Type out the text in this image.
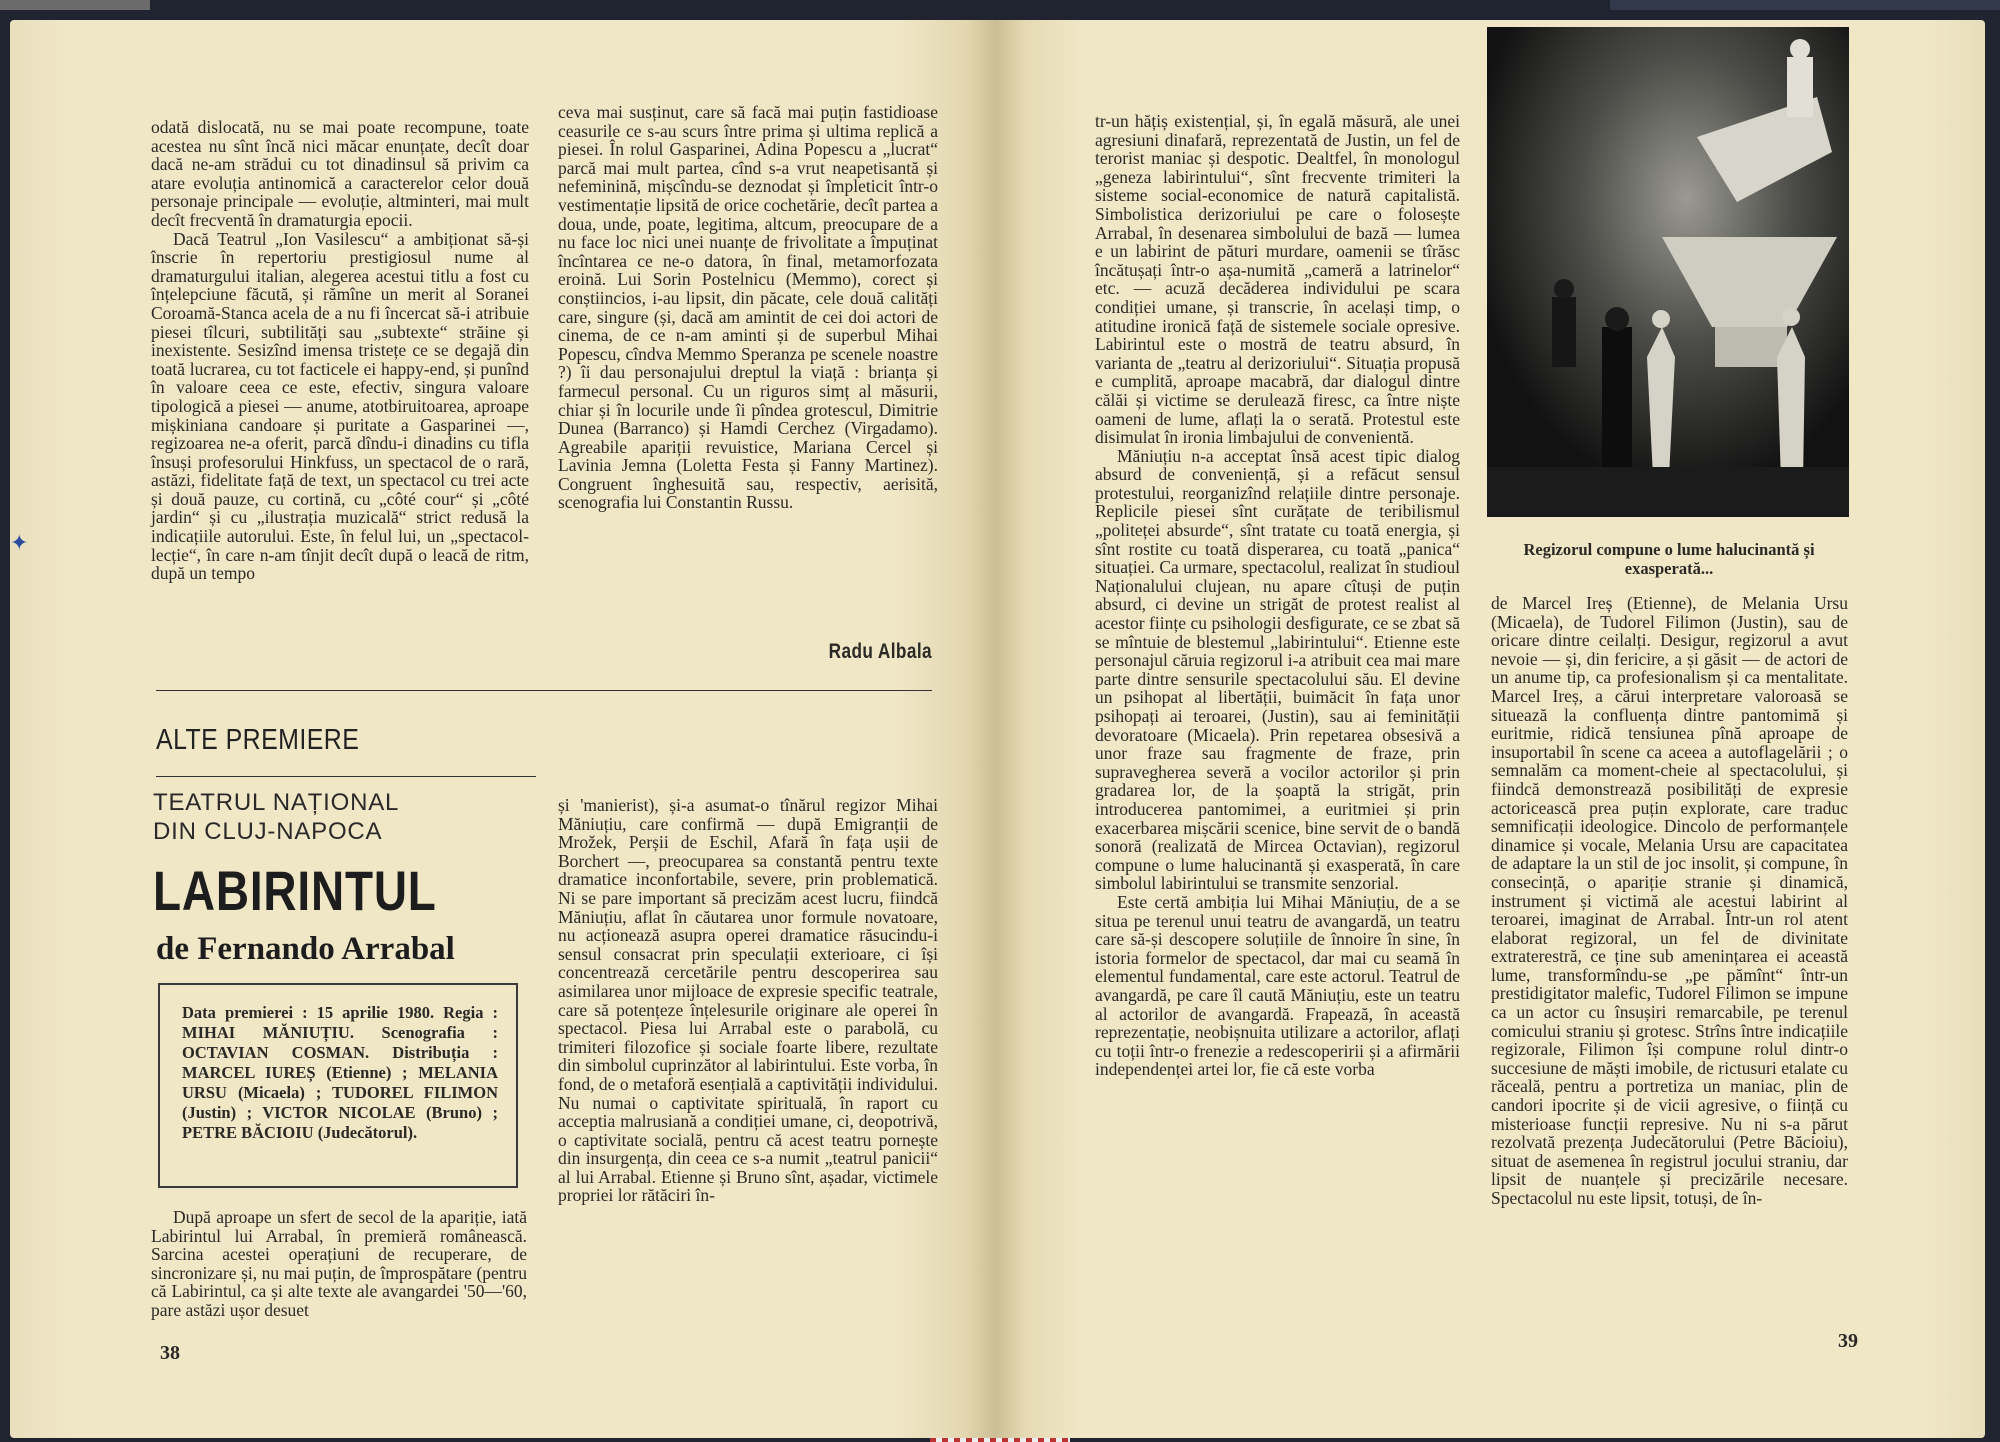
odată dislocată, nu se mai poate recompune, toate acestea nu sînt încă nici măcar enunțate, decît doar dacă ne-am strădui cu tot dinadinsul să privim ca atare evoluția antinomică a caracterelor celor două personaje principale — evoluție, altminteri, mai mult decît frecventă în dramaturgia epocii.

Dacă Teatrul „Ion Vasilescu“ a ambiționat să-și înscrie în repertoriu prestigiosul nume al dramaturgului italian, alegerea acestui titlu a fost cu înțelepciune făcută, și rămîne un merit al Soranei Coroamă-Stanca acela de a nu fi încercat să-i atribuie piesei tîlcuri, subtilități sau „subtexte“ străine și inexistente. Sesizînd imensa tristețe ce se degajă din toată lucrarea, cu tot facticele ei happy-end, și punînd în valoare ceea ce este, efectiv, singura valoare tipologică a piesei — anume, atotbiruitoarea, aproape mișkiniana candoare și puritate a Gasparinei —, regizoarea ne-a oferit, parcă dîndu-i dinadins cu tifla însuși profesorului Hinkfuss, un spectacol de o rară, astăzi, fidelitate față de text, un spectacol cu trei acte și două pauze, cu cortină, cu „côté cour“ și „côté jardin“ și cu „ilustrația muzicală“ strict redusă la indicațiile autorului. Este, în felul lui, un „spectacol-lecție“, în care n-am tînjit decît după o leacă de ritm, după un tempo

ceva mai susținut, care să facă mai puțin fastidioase ceasurile ce s-au scurs între prima și ultima replică a piesei. În rolul Gasparinei, Adina Popescu a „lucrat“ parcă mai mult partea, cînd s-a vrut neapetisantă și nefeminină, mișcîndu-se deznodat și împleticit într-o vestimentație lipsită de orice cochetărie, decît partea a doua, unde, poate, legitima, altcum, preocupare de a nu face loc nici unei nuanțe de frivolitate a împuținat încîntarea ce ne-o datora, în final, metamorfozata eroină. Lui Sorin Postelnicu (Memmo), corect și conștiincios, i-au lipsit, din păcate, cele două calități care, singure (și, dacă am amintit de cei doi actori de cinema, de ce n-am aminti și de superbul Mihai Popescu, cîndva Memmo Speranza pe scenele noastre ?) îi dau personajului dreptul la viață : brianța și farmecul personal. Cu un riguros simț al măsurii, chiar și în locurile unde îi pîndea grotescul, Dimitrie Dunea (Barranco) și Hamdi Cerchez (Virgadamo). Agreabile apariții revuistice, Mariana Cercel și Lavinia Jemna (Loletta Festa și Fanny Martinez). Congruent înghesuită sau, respectiv, aerisită, scenografia lui Constantin Russu.

Radu Albala
ALTE PREMIERE
TEATRUL NAȚIONAL
DIN CLUJ-NAPOCA
LABIRINTUL
de Fernando Arrabal
Data premierei : 15 aprilie 1980. Regia : MIHAI MĂNIUȚIU. Scenografia : OCTAVIAN COSMAN. Distribuția : MARCEL IUREȘ (Etienne) ; MELANIA URSU (Micaela) ; TUDOREL FILIMON (Justin) ; VICTOR NICOLAE (Bruno) ; PETRE BĂCIOIU (Judecătorul).

După aproape un sfert de secol de la apariție, iată Labirintul lui Arrabal, în premieră românească. Sarcina acestei operațiuni de recuperare, de sincronizare și, nu mai puțin, de împrospătare (pentru că Labirintul, ca și alte texte ale avangardei '50—'60, pare astăzi ușor desuet

și 'manierist), și-a asumat-o tînărul regizor Mihai Măniuțiu, care confirmă — după Emigranții de Mrožek, Perșii de Eschil, Afară în fața ușii de Borchert —, preocuparea sa constantă pentru texte dramatice inconfortabile, severe, prin problematică. Ni se pare important să precizăm acest lucru, fiindcă Măniuțiu, aflat în căutarea unor formule novatoare, nu acționează asupra operei dramatice răsucindu-i sensul consacrat prin speculații exterioare, ci își concentrează cercetările pentru descoperirea sau asimilarea unor mijloace de expresie specific teatrale, care să potențeze înțelesurile originare ale operei în spectacol. Piesa lui Arrabal este o parabolă, cu trimiteri filozofice și sociale foarte libere, rezultate din simbolul cuprinzător al labirintului. Este vorba, în fond, de o metaforă esențială a captivității individului. Nu numai o captivitate spirituală, în raport cu acceptia malrusiană a condiției umane, ci, deopotrivă, o captivitate socială, pentru că acest teatru pornește din insurgența, din ceea ce s-a numit „teatrul panicii“ al lui Arrabal. Etienne și Bruno sînt, așadar, victimele propriei lor rătăciri în-

✦
38

tr-un hățiș existențial, și, în egală măsură, ale unei agresiuni dinafară, reprezentată de Justin, un fel de terorist maniac și despotic. Dealtfel, în monologul „geneza labirintului“, sînt frecvente trimiteri la sisteme social-economice de natură capitalistă. Simbolistica derizoriului pe care o folosește Arrabal, în desenarea simbolului de bază — lumea e un labirint de pături murdare, oamenii se tîrăsc încătușați într-o așa-numită „cameră a latrinelor“ etc. — acuză decăderea individului pe scara condiției umane, și transcrie, în același timp, o atitudine ironică față de sistemele sociale opresive. Labirintul este o mostră de teatru absurd, în varianta de „teatru al derizoriului“. Situația propusă e cumplită, aproape macabră, dar dialogul dintre călăi și victime se derulează firesc, ca între niște oameni de lume, aflați la o serată. Protestul este disimulat în ironia limbajului de convenientă.

Măniuțiu n-a acceptat însă acest tipic dialog absurd de conveniență, și a refăcut sensul protestului, reorganizînd relațiile dintre personaje. Replicile piesei sînt curățate de teribilismul „politeței absurde“, sînt tratate cu toată energia, și sînt rostite cu toată disperarea, cu toată „panica“ situației. Ca urmare, spectacolul, realizat în studioul Naționalului clujean, nu apare cîtuși de puțin absurd, ci devine un strigăt de protest realist al acestor ființe cu psihologii desfigurate, ce se zbat să se mîntuie de blestemul „labirintului“. Etienne este personajul căruia regizorul i-a atribuit cea mai mare parte dintre sensurile spectacolului său. El devine un psihopat al libertății, buimăcit în fața unor psihopați ai teroarei, (Justin), sau ai feminității devoratoare (Micaela). Prin repetarea obsesivă a unor fraze sau fragmente de fraze, prin supravegherea severă a vocilor actorilor și prin gradarea lor, de la șoaptă la strigăt, prin introducerea pantomimei, a euritmiei și prin exacerbarea mișcării scenice, bine servit de o bandă sonoră (realizată de Mircea Octavian), regizorul compune o lume halucinantă și exasperată, în care simbolul labirintului se transmite senzorial.

Este certă ambiția lui Mihai Măniuțiu, de a se situa pe terenul unui teatru de avangardă, un teatru care să-și descopere soluțiile de înnoire în sine, în istoria formelor de spectacol, dar mai cu seamă în elementul fundamental, care este actorul. Teatrul de avangardă, pe care îl caută Măniuțiu, este un teatru al actorilor de avangardă. Frapează, în această reprezentație, neobișnuita utilizare a actorilor, aflați cu toții într-o frenezie a redescoperirii și a afirmării independenței artei lor, fie că este vorba

Regizorul compune o lume halucinantă și exasperată...

de Marcel Ireș (Etienne), de Melania Ursu (Micaela), de Tudorel Filimon (Justin), sau de oricare dintre ceilalți. Desigur, regizorul a avut nevoie — și, din fericire, a și găsit — de actori de un anume tip, ca profesionalism și ca mentalitate. Marcel Ireș, a cărui interpretare valoroasă se situează la confluența dintre pantomimă și euritmie, ridică tensiunea pînă aproape de insuportabil în scene ca aceea a autoflagelării ; o semnalăm ca moment-cheie al spectacolului, și fiindcă demonstrează posibilități de expresie actoricească prea puțin explorate, care traduc semnificații ideologice. Dincolo de performanțele dinamice și vocale, Melania Ursu are capacitatea de adaptare la un stil de joc insolit, și compune, în consecință, o apariție stranie și dinamică, instrument și victimă ale acestui labirint al teroarei, imaginat de Arrabal. Într-un rol atent elaborat regizoral, un fel de divinitate extraterestră, ce ține sub amenințarea ei această lume, transformîndu-se „pe pămînt“ într-un prestidigitator malefic, Tudorel Filimon se impune ca un actor cu însușiri remarcabile, pe terenul comicului straniu și grotesc. Strîns între indicațiile regizorale, Filimon își compune rolul dintr-o succesiune de măști imobile, de rictusuri etalate cu răceală, pentru a portretiza un maniac, plin de candori ipocrite și de vicii agresive, o ființă cu misterioase funcții represive. Nu ni s-a părut rezolvată prezența Judecătorului (Petre Băcioiu), situat de asemenea în registrul jocului straniu, dar lipsit de nuanțele și precizările necesare. Spectacolul nu este lipsit, totuși, de în-

39
